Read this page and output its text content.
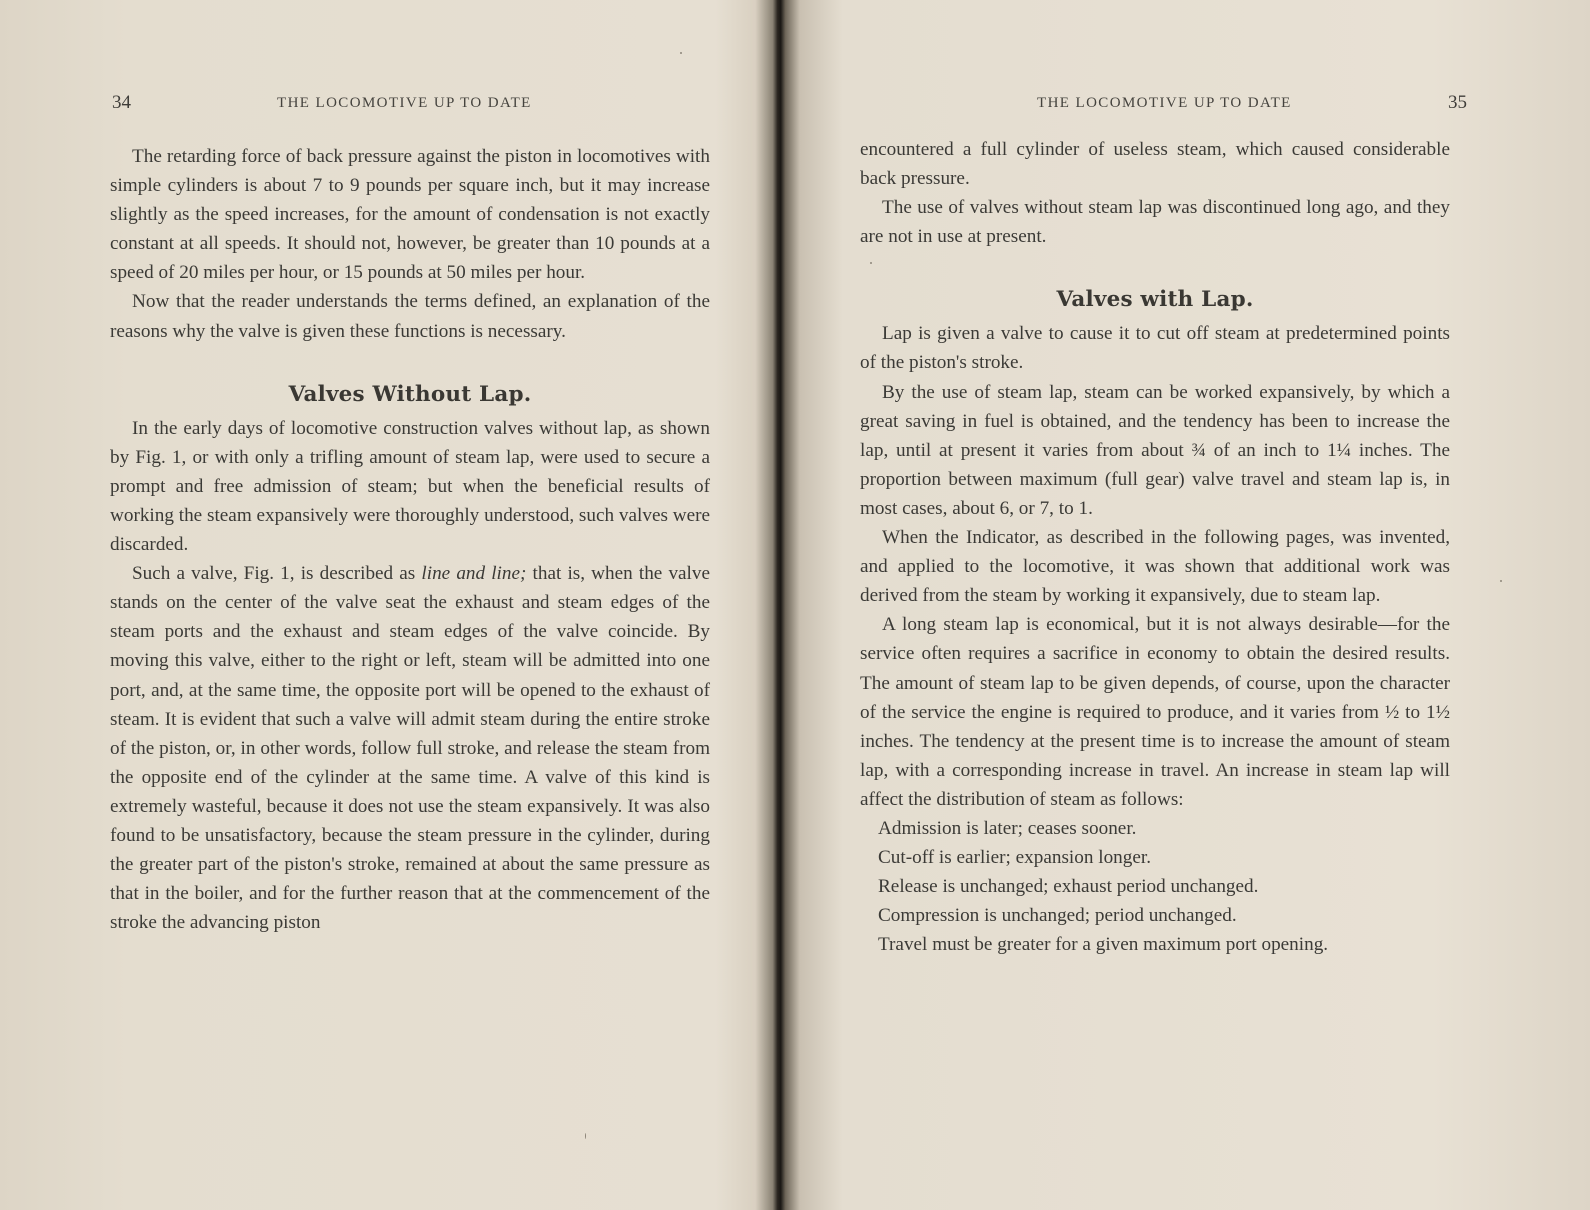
34	THE LOCOMOTIVE UP TO DATE

The retarding force of back pressure against the piston in locomotives with simple cylinders is about 7 to 9 pounds per square inch, but it may increase slightly as the speed increases, for the amount of condensation is not exactly constant at all speeds. It should not, however, be greater than 10 pounds at a speed of 20 miles per hour, or 15 pounds at 50 miles per hour.

Now that the reader understands the terms defined, an explanation of the reasons why the valve is given these functions is necessary.

Valves Without Lap.

In the early days of locomotive construction valves without lap, as shown by Fig. 1, or with only a trifling amount of steam lap, were used to secure a prompt and free admission of steam; but when the beneficial results of working the steam expansively were thoroughly understood, such valves were discarded.

Such a valve, Fig. 1, is described as line and line; that is, when the valve stands on the center of the valve seat the exhaust and steam edges of the steam ports and the exhaust and steam edges of the valve coincide. By moving this valve, either to the right or left, steam will be admitted into one port, and, at the same time, the opposite port will be opened to the exhaust of steam. It is evident that such a valve will admit steam during the entire stroke of the piston, or, in other words, follow full stroke, and release the steam from the opposite end of the cylinder at the same time. A valve of this kind is extremely wasteful, because it does not use the steam expansively. It was also found to be unsatisfactory, because the steam pressure in the cylinder, during the greater part of the piston's stroke, remained at about the same pressure as that in the boiler, and for the further reason that at the commencement of the stroke the advancing piston

THE LOCOMOTIVE UP TO DATE	35

encountered a full cylinder of useless steam, which caused considerable back pressure.

The use of valves without steam lap was discontinued long ago, and they are not in use at present.

Valves with Lap.

Lap is given a valve to cause it to cut off steam at predetermined points of the piston's stroke.

By the use of steam lap, steam can be worked expansively, by which a great saving in fuel is obtained, and the tendency has been to increase the lap, until at present it varies from about ¾ of an inch to 1¼ inches. The proportion between maximum (full gear) valve travel and steam lap is, in most cases, about 6, or 7, to 1.

When the Indicator, as described in the following pages, was invented, and applied to the locomotive, it was shown that additional work was derived from the steam by working it expansively, due to steam lap.

A long steam lap is economical, but it is not always desirable—for the service often requires a sacrifice in economy to obtain the desired results. The amount of steam lap to be given depends, of course, upon the character of the service the engine is required to produce, and it varies from ½ to 1½ inches. The tendency at the present time is to increase the amount of steam lap, with a corresponding increase in travel. An increase in steam lap will affect the distribution of steam as follows:

Admission is later; ceases sooner.

Cut-off is earlier; expansion longer.

Release is unchanged; exhaust period unchanged.

Compression is unchanged; period unchanged.

Travel must be greater for a given maximum port opening.
